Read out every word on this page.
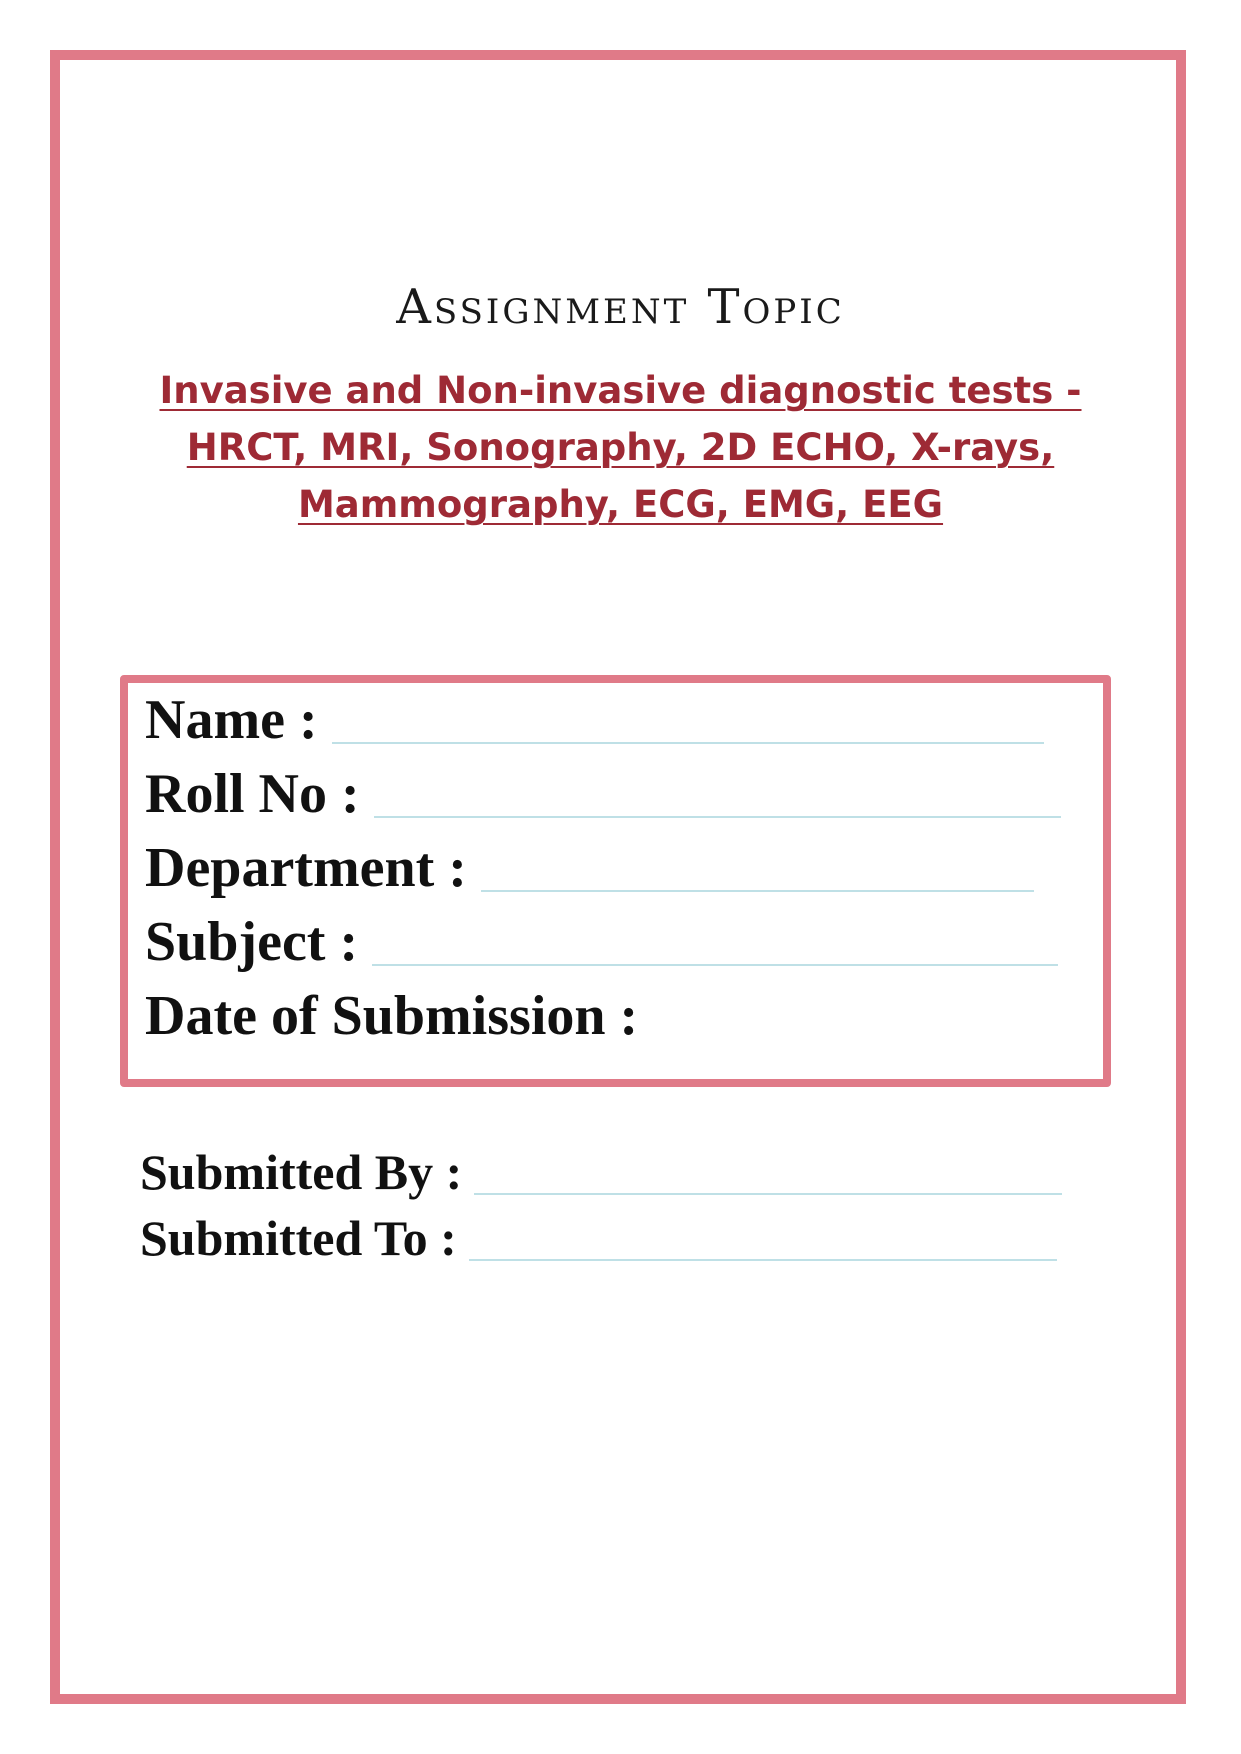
Assignment Topic
Invasive and Non-invasive diagnostic tests -
HRCT, MRI, Sonography, 2D ECHO, X-rays,
Mammography, ECG, EMG, EEG
Name :
Roll No :
Department :
Subject :
Date of Submission :
Submitted By :
Submitted To :
